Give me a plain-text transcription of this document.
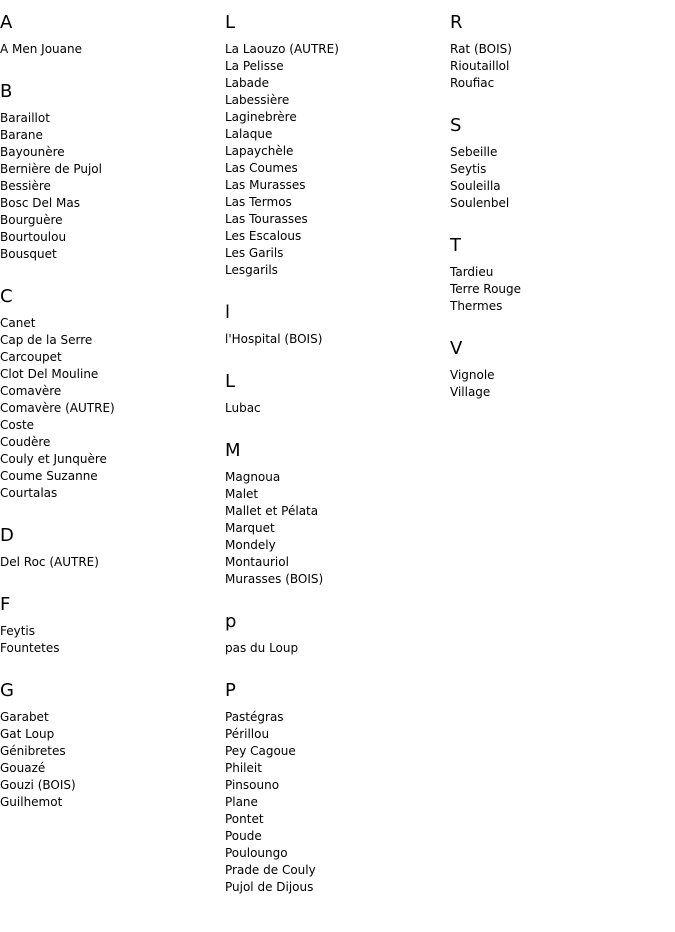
A
A Men Jouane
B
Baraillot
Barane
Bayounère
Bernière de Pujol
Bessière
Bosc Del Mas
Bourguère
Bourtoulou
Bousquet
C
Canet
Cap de la Serre
Carcoupet
Clot Del Mouline
Comavère
Comavère (AUTRE)
Coste
Coudère
Couly et Junquère
Coume Suzanne
Courtalas
D
Del Roc (AUTRE)
F
Feytis
Fountetes
G
Garabet
Gat Loup
Génibretes
Gouazé
Gouzi (BOIS)
Guilhemot
L
La Laouzo (AUTRE)
La Pelisse
Labade
Labessière
Laginebrère
Lalaque
Lapaychèle
Las Coumes
Las Murasses
Las Termos
Las Tourasses
Les Escalous
Les Garils
Lesgarils
l
l'Hospital (BOIS)
L
Lubac
M
Magnoua
Malet
Mallet et Pélata
Marquet
Mondely
Montauriol
Murasses (BOIS)
p
pas du Loup
P
Pastégras
Périllou
Pey Cagoue
Phileit
Pinsouno
Plane
Pontet
Poude
Pouloungo
Prade de Couly
Pujol de Dijous
R
Rat (BOIS)
Rioutaillol
Roufiac
S
Sebeille
Seytis
Souleilla
Soulenbel
T
Tardieu
Terre Rouge
Thermes
V
Vignole
Village
